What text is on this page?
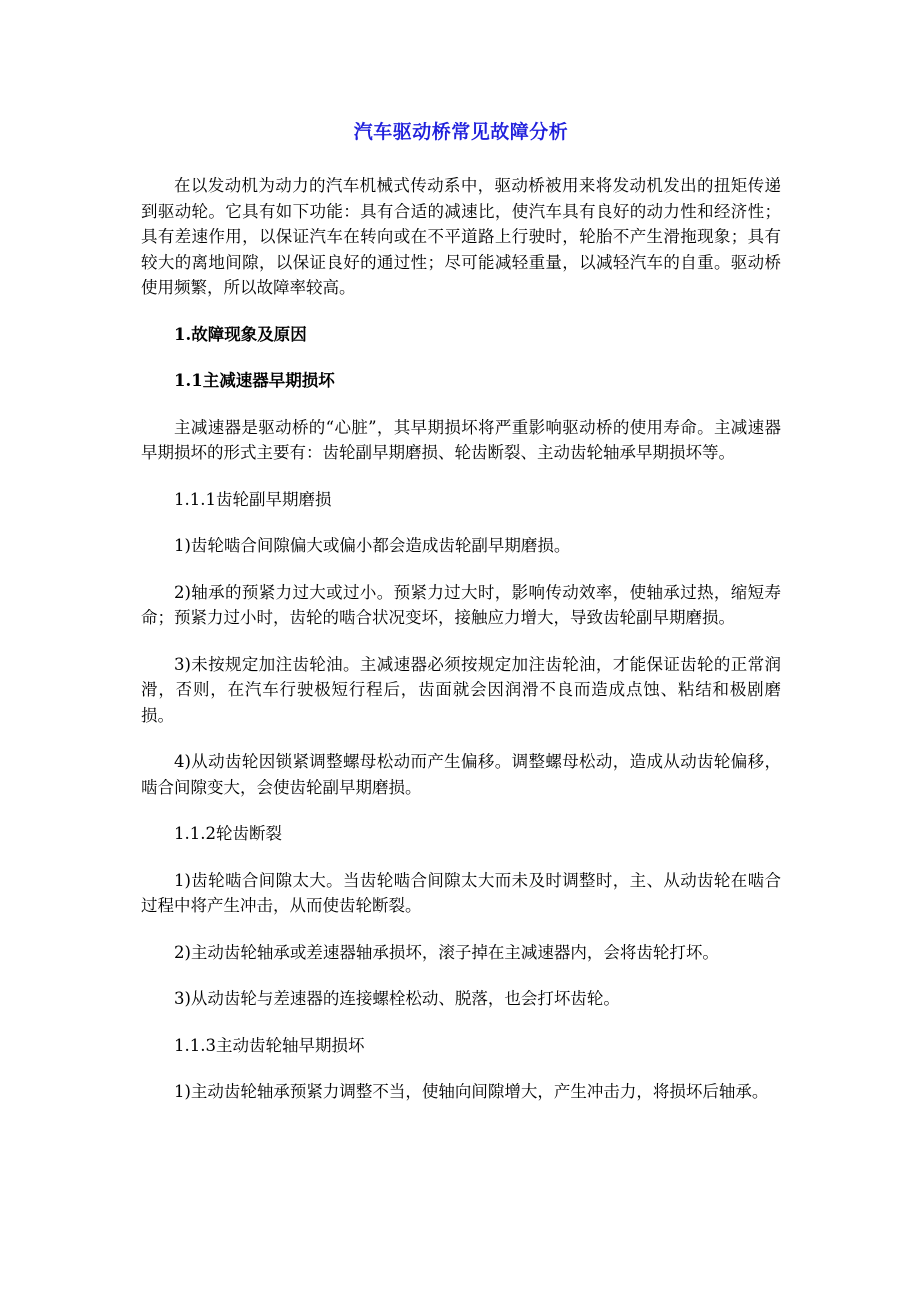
汽车驱动桥常见故障分析

在以发动机为动力的汽车机械式传动系中，驱动桥被用来将发动机发出的扭矩传递到驱动轮。它具有如下功能：具有合适的减速比，使汽车具有良好的动力性和经济性；具有差速作用，以保证汽车在转向或在不平道路上行驶时，轮胎不产生滑拖现象；具有较大的离地间隙，以保证良好的通过性；尽可能减轻重量，以减轻汽车的自重。驱动桥使用频繁，所以故障率较高。

1.故障现象及原因

1.1主减速器早期损坏

主减速器是驱动桥的“心脏”，其早期损坏将严重影响驱动桥的使用寿命。主减速器早期损坏的形式主要有：齿轮副早期磨损、轮齿断裂、主动齿轮轴承早期损坏等。

1.1.1齿轮副早期磨损

1)齿轮啮合间隙偏大或偏小都会造成齿轮副早期磨损。

2)轴承的预紧力过大或过小。预紧力过大时，影响传动效率，使轴承过热，缩短寿命；预紧力过小时，齿轮的啮合状况变坏，接触应力增大，导致齿轮副早期磨损。

3)未按规定加注齿轮油。主减速器必须按规定加注齿轮油，才能保证齿轮的正常润滑，否则，在汽车行驶极短行程后，齿面就会因润滑不良而造成点蚀、粘结和极剧磨损。

4)从动齿轮因锁紧调整螺母松动而产生偏移。调整螺母松动，造成从动齿轮偏移，啮合间隙变大，会使齿轮副早期磨损。

1.1.2轮齿断裂

1)齿轮啮合间隙太大。当齿轮啮合间隙太大而未及时调整时，主、从动齿轮在啮合过程中将产生冲击，从而使齿轮断裂。

2)主动齿轮轴承或差速器轴承损坏，滚子掉在主减速器内，会将齿轮打坏。

3)从动齿轮与差速器的连接螺栓松动、脱落，也会打坏齿轮。

1.1.3主动齿轮轴早期损坏

1)主动齿轮轴承预紧力调整不当，使轴向间隙增大，产生冲击力，将损坏后轴承。
